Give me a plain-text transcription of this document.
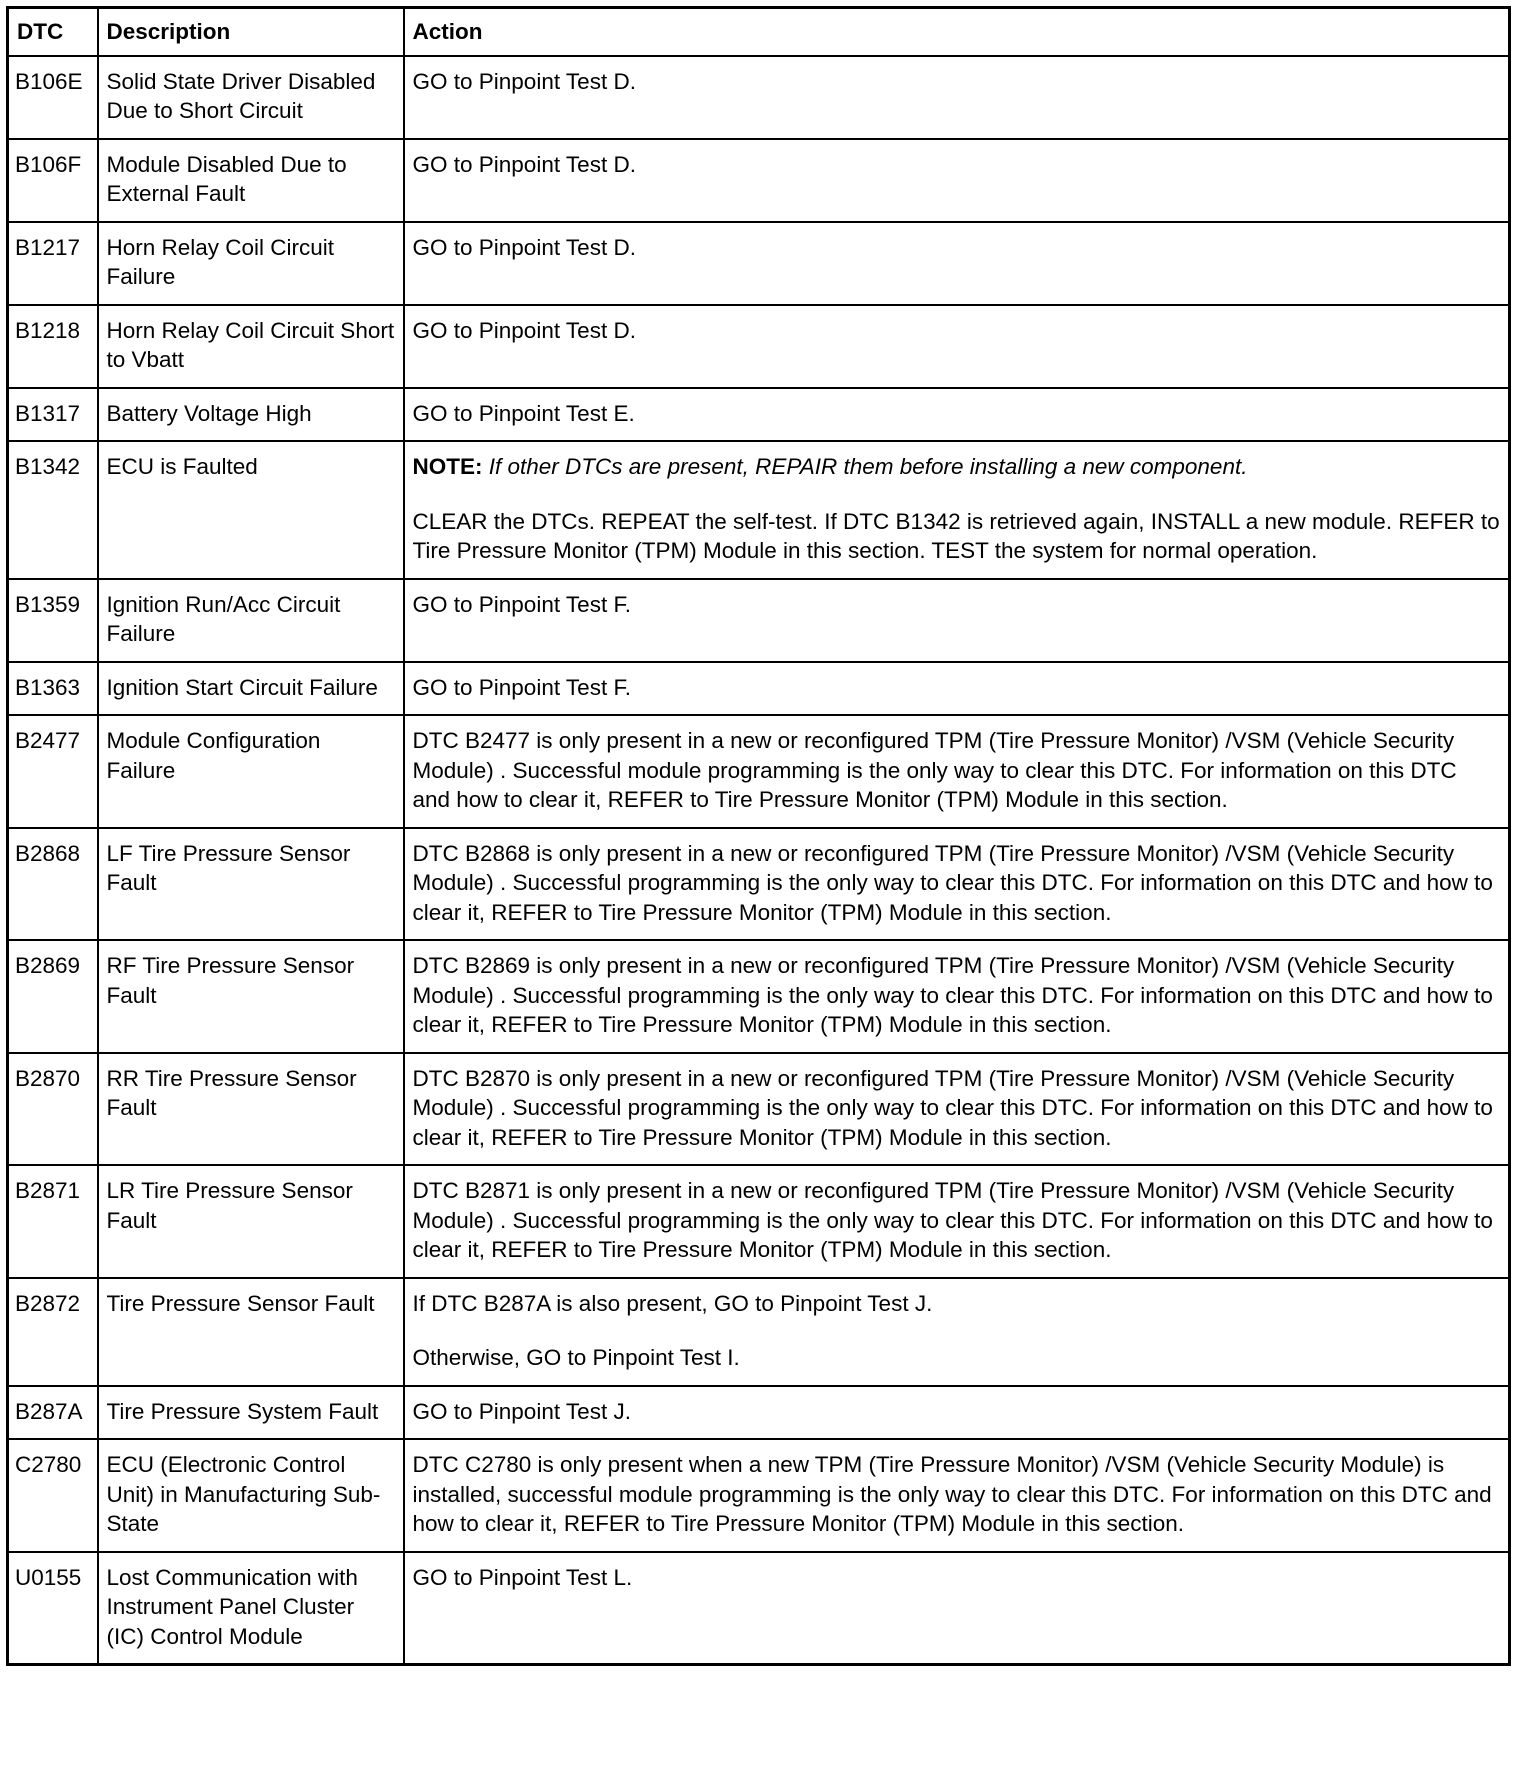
DTC	Description	Action
B106E	Solid State Driver Disabled Due to Short Circuit	GO to Pinpoint Test D.

B106F	Module Disabled Due to External Fault	GO to Pinpoint Test D.

B1217	Horn Relay Coil Circuit Failure	GO to Pinpoint Test D.

B1218	Horn Relay Coil Circuit Short to Vbatt	GO to Pinpoint Test D.

B1317	Battery Voltage High	GO to Pinpoint Test E.

B1342	ECU is Faulted	NOTE: If other DTCs are present, REPAIR them before installing a new component.

CLEAR the DTCs. REPEAT the self-test. If DTC B1342 is retrieved again, INSTALL a new module. REFER to Tire Pressure Monitor (TPM) Module in this section. TEST the system for normal operation.

B1359	Ignition Run/Acc Circuit Failure	GO to Pinpoint Test F.

B1363	Ignition Start Circuit Failure	GO to Pinpoint Test F.

B2477	Module Configuration Failure	DTC B2477 is only present in a new or reconfigured TPM (Tire Pressure Monitor) /VSM (Vehicle Security Module) . Successful module programming is the only way to clear this DTC. For information on this DTC and how to clear it, REFER to Tire Pressure Monitor (TPM) Module in this section.

B2868	LF Tire Pressure Sensor Fault	DTC B2868 is only present in a new or reconfigured TPM (Tire Pressure Monitor) /VSM (Vehicle Security Module) . Successful programming is the only way to clear this DTC. For information on this DTC and how to clear it, REFER to Tire Pressure Monitor (TPM) Module in this section.

B2869	RF Tire Pressure Sensor Fault	DTC B2869 is only present in a new or reconfigured TPM (Tire Pressure Monitor) /VSM (Vehicle Security Module) . Successful programming is the only way to clear this DTC. For information on this DTC and how to clear it, REFER to Tire Pressure Monitor (TPM) Module in this section.

B2870	RR Tire Pressure Sensor Fault	DTC B2870 is only present in a new or reconfigured TPM (Tire Pressure Monitor) /VSM (Vehicle Security Module) . Successful programming is the only way to clear this DTC. For information on this DTC and how to clear it, REFER to Tire Pressure Monitor (TPM) Module in this section.

B2871	LR Tire Pressure Sensor Fault	DTC B2871 is only present in a new or reconfigured TPM (Tire Pressure Monitor) /VSM (Vehicle Security Module) . Successful programming is the only way to clear this DTC. For information on this DTC and how to clear it, REFER to Tire Pressure Monitor (TPM) Module in this section.

B2872	Tire Pressure Sensor Fault	If DTC B287A is also present, GO to Pinpoint Test J.

Otherwise, GO to Pinpoint Test I.

B287A	Tire Pressure System Fault	GO to Pinpoint Test J.

C2780	ECU (Electronic Control Unit) in Manufacturing Sub-State	DTC C2780 is only present when a new TPM (Tire Pressure Monitor) /VSM (Vehicle Security Module) is installed, successful module programming is the only way to clear this DTC. For information on this DTC and how to clear it, REFER to Tire Pressure Monitor (TPM) Module in this section.

U0155	Lost Communication with Instrument Panel Cluster (IC) Control Module	GO to Pinpoint Test L.
